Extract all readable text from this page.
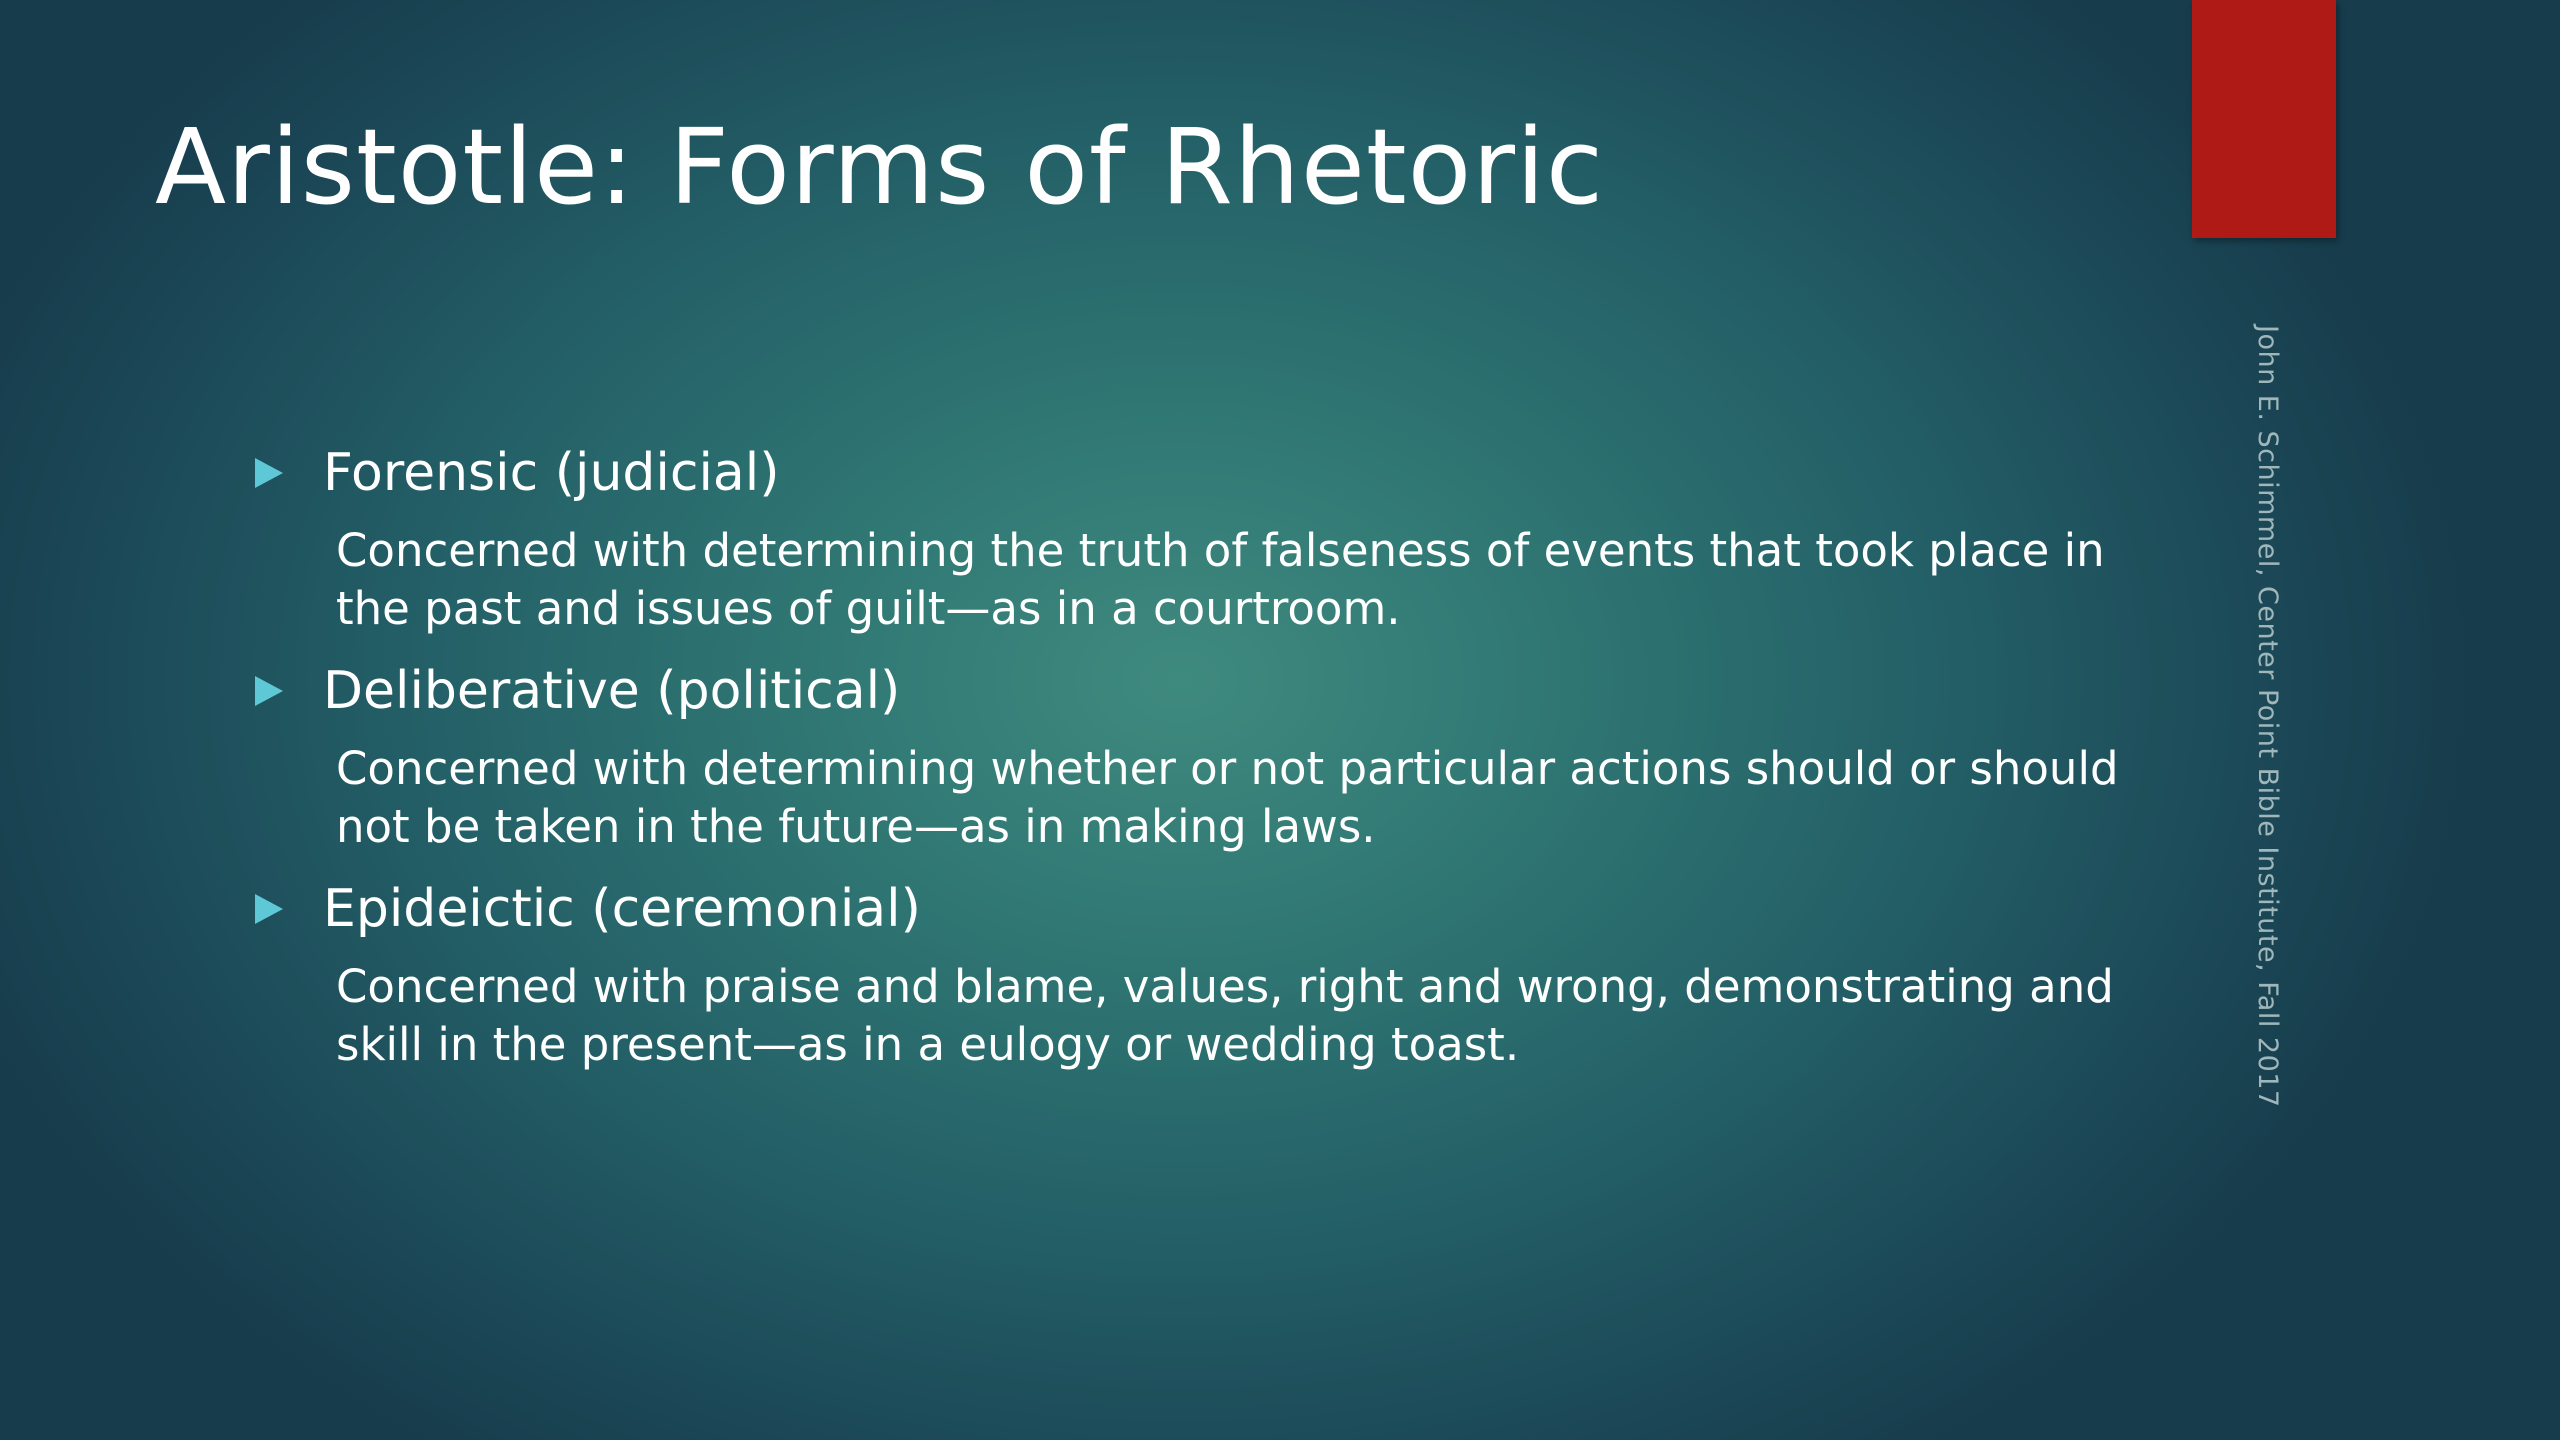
Aristotle: Forms of Rhetoric
Forensic (judicial)
Concerned with determining the truth of falseness of events that took place in the past and issues of guilt—as in a courtroom.
Deliberative (political)
Concerned with determining whether or not particular actions should or should not be taken in the future—as in making laws.
Epideictic (ceremonial)
Concerned with praise and blame, values, right and wrong, demonstrating and skill in the present—as in a eulogy or wedding toast.	John E. Schimmel, Center Point Bible Institute, Fall 2017
